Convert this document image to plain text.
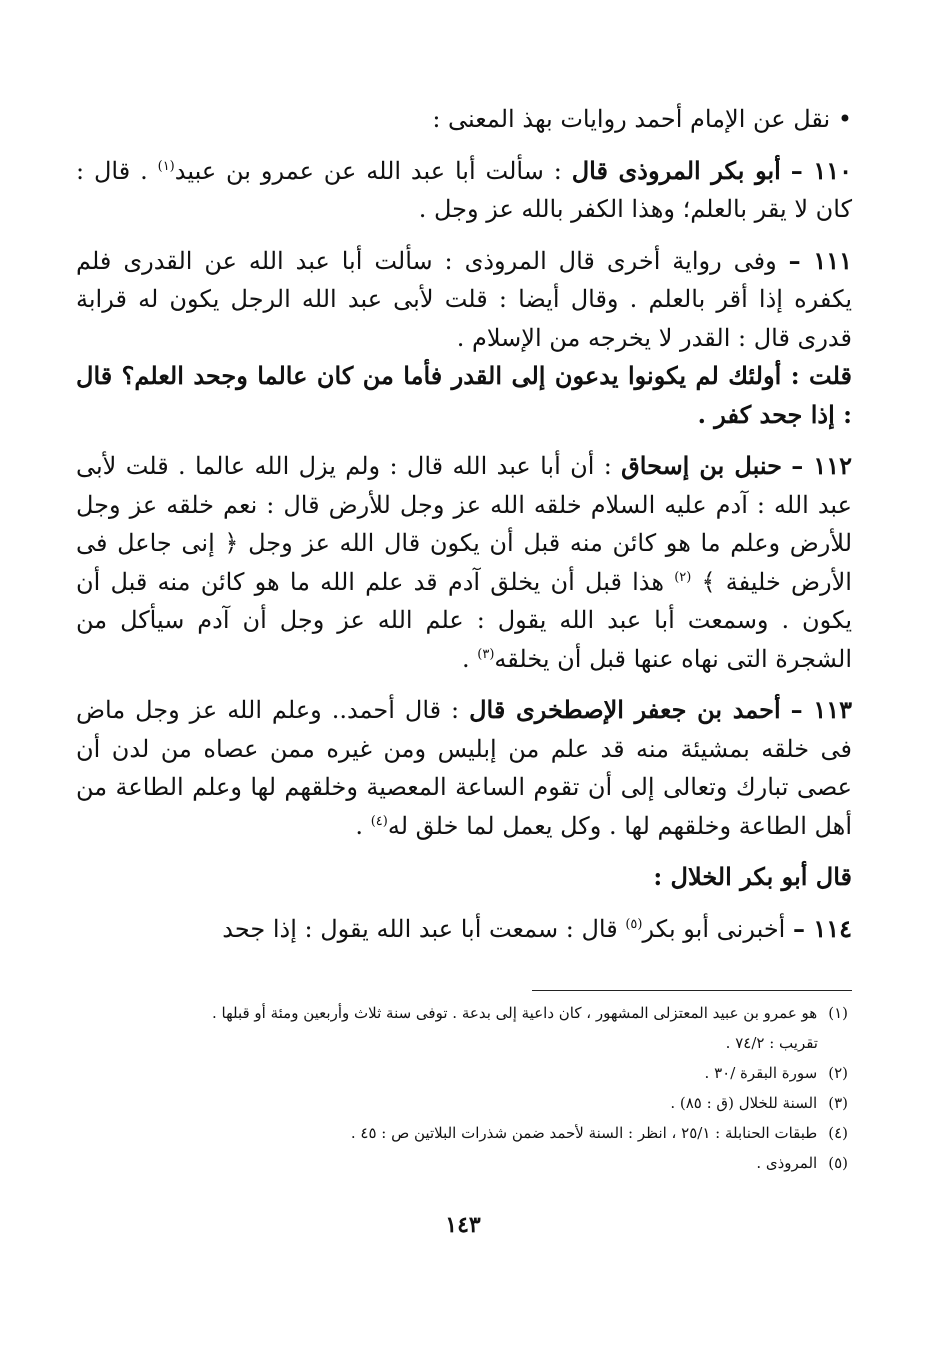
• نقل عن الإمام أحمد روايات بهذ المعنى :

١١٠ – أبو بكر المروذى قال : سألت أبا عبد الله عن عمرو بن عبيد$^{(١)}$ . قال : كان لا يقر بالعلم؛ وهذا الكفر بالله عز وجل .

١١١ – وفى رواية أخرى قال المروذى : سألت أبا عبد الله عن القدرى فلم يكفره إذا أقر بالعلم . وقال أيضا : قلت لأبى عبد الله الرجل يكون له قرابة قدرى قال : القدر لا يخرجه من الإسلام .

قلت : أولئك لم يكونوا يدعون إلى القدر فأما من كان عالما وجحد العلم؟ قال : إذا جحد كفر .

١١٢ – حنبل بن إسحاق : أن أبا عبد الله قال : ولم يزل الله عالما . قلت لأبى عبد الله : آدم عليه السلام خلقه الله عز وجل للأرض قال : نعم خلقه عز وجل للأرض وعلم ما هو كائن منه قبل أن يكون قال الله عز وجل ﴿ إنى جاعل فى الأرض خليفة ﴾ $^{(٢)}$ هذا قبل أن يخلق آدم قد علم الله ما هو كائن منه قبل أن يكون . وسمعت أبا عبد الله يقول : علم الله عز وجل أن آدم سيأكل من الشجرة التى نهاه عنها قبل أن يخلقه$^{(٣)}$ .

١١٣ – أحمد بن جعفر الإصطخرى قال : قال أحمد.. وعلم الله عز وجل ماض فى خلقه بمشيئة منه قد علم من إبليس ومن غيره ممن عصاه من لدن أن عصى تبارك وتعالى إلى أن تقوم الساعة المعصية وخلقهم لها وعلم الطاعة من أهل الطاعة وخلقهم لها . وكل يعمل لما خلق له$^{(٤)}$ .

قال أبو بكر الخلال :

١١٤ – أخبرنى أبو بكر$^{(٥)}$ قال : سمعت أبا عبد الله يقول : إذا جحد

(١) هو عمرو بن عبيد المعتزلى المشهور ، كان داعية إلى بدعة . توفى سنة ثلاث وأربعين ومئة أو قبلها .

تقريب : ٧٤/٢ .

(٢) سورة البقرة /٣٠ .

(٣) السنة للخلال (ق : ٨٥) .

(٤) طبقات الحنابلة : ٢٥/١ ، انظر : السنة لأحمد ضمن شذرات البلاتين ص : ٤٥ .

(٥) المروذى .

١٤٣
